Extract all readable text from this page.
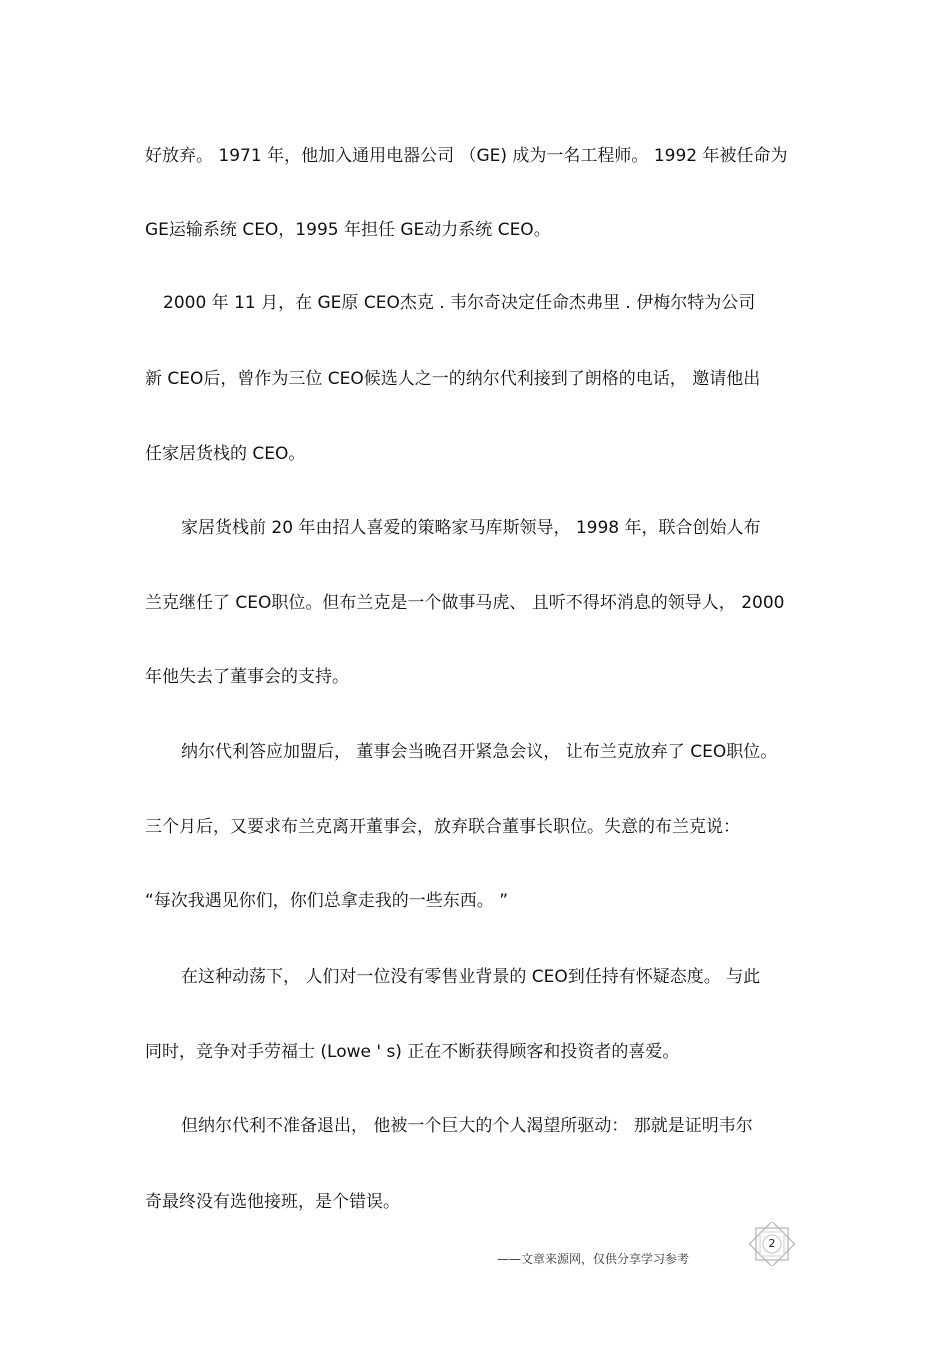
好放弃。 1971 年，他加入通用电器公司 （GE) 成为一名工程师。 1992 年被任命为
GE运输系统 CEO，1995 年担任 GE动力系统 CEO。
2000 年 11 月，在 GE原 CEO杰克 . 韦尔奇决定任命杰弗里 . 伊梅尔特为公司
新 CEO后，曾作为三位 CEO候选人之一的纳尔代利接到了朗格的电话， 邀请他出
任家居货栈的 CEO。
家居货栈前 20 年由招人喜爱的策略家马库斯领导， 1998 年，联合创始人布
兰克继任了 CEO职位。但布兰克是一个做事马虎、 且听不得坏消息的领导人， 2000
年他失去了董事会的支持。
纳尔代利答应加盟后， 董事会当晚召开紧急会议， 让布兰克放弃了 CEO职位。
三个月后，又要求布兰克离开董事会，放弃联合董事长职位。失意的布兰克说：
“每次我遇见你们，你们总拿走我的一些东西。 ”
在这种动荡下， 人们对一位没有零售业背景的 CEO到任持有怀疑态度。 与此
同时，竞争对手劳福士 (Lowe ' s) 正在不断获得顾客和投资者的喜爱。
但纳尔代利不准备退出， 他被一个巨大的个人渴望所驱动： 那就是证明韦尔
奇最终没有选他接班，是个错误。
——文章来源网，仅供分享学习参考
2
